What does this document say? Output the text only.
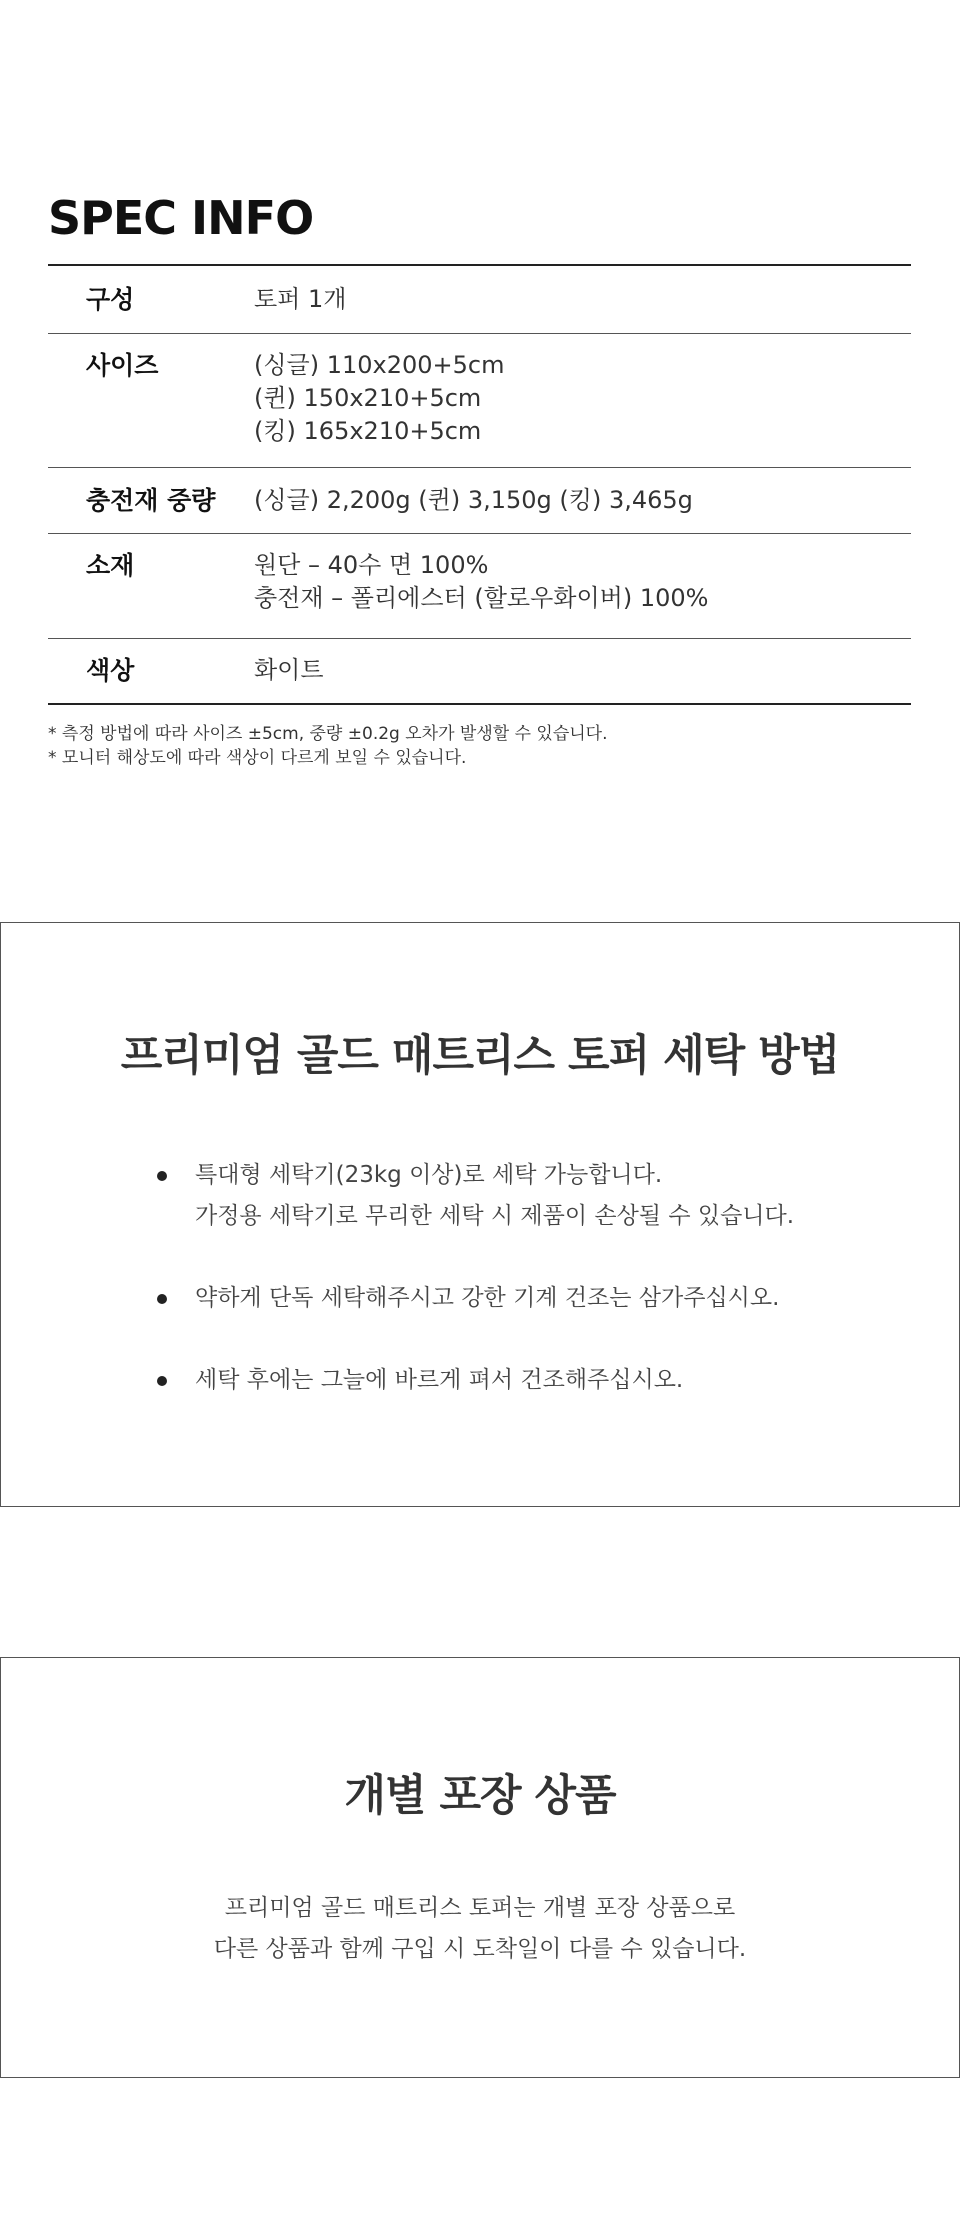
SPEC INFO
구성	토퍼 1개
사이즈	(싱글) 110x200+5cm
(퀸) 150x210+5cm
(킹) 165x210+5cm
충전재 중량	(싱글) 2,200g (퀸) 3,150g (킹) 3,465g
소재	원단 – 40수 면 100%
충전재 – 폴리에스터 (할로우화이버) 100%
색상	화이트
* 측정 방법에 따라 사이즈 ±5cm, 중량 ±0.2g 오차가 발생할 수 있습니다.
* 모니터 해상도에 따라 색상이 다르게 보일 수 있습니다.
프리미엄 골드 매트리스 토퍼 세탁 방법
특대형 세탁기(23kg 이상)로 세탁 가능합니다.
가정용 세탁기로 무리한 세탁 시 제품이 손상될 수 있습니다.
약하게 단독 세탁해주시고 강한 기계 건조는 삼가주십시오.
세탁 후에는 그늘에 바르게 펴서 건조해주십시오.
개별 포장 상품
프리미엄 골드 매트리스 토퍼는 개별 포장 상품으로
다른 상품과 함께 구입 시 도착일이 다를 수 있습니다.
